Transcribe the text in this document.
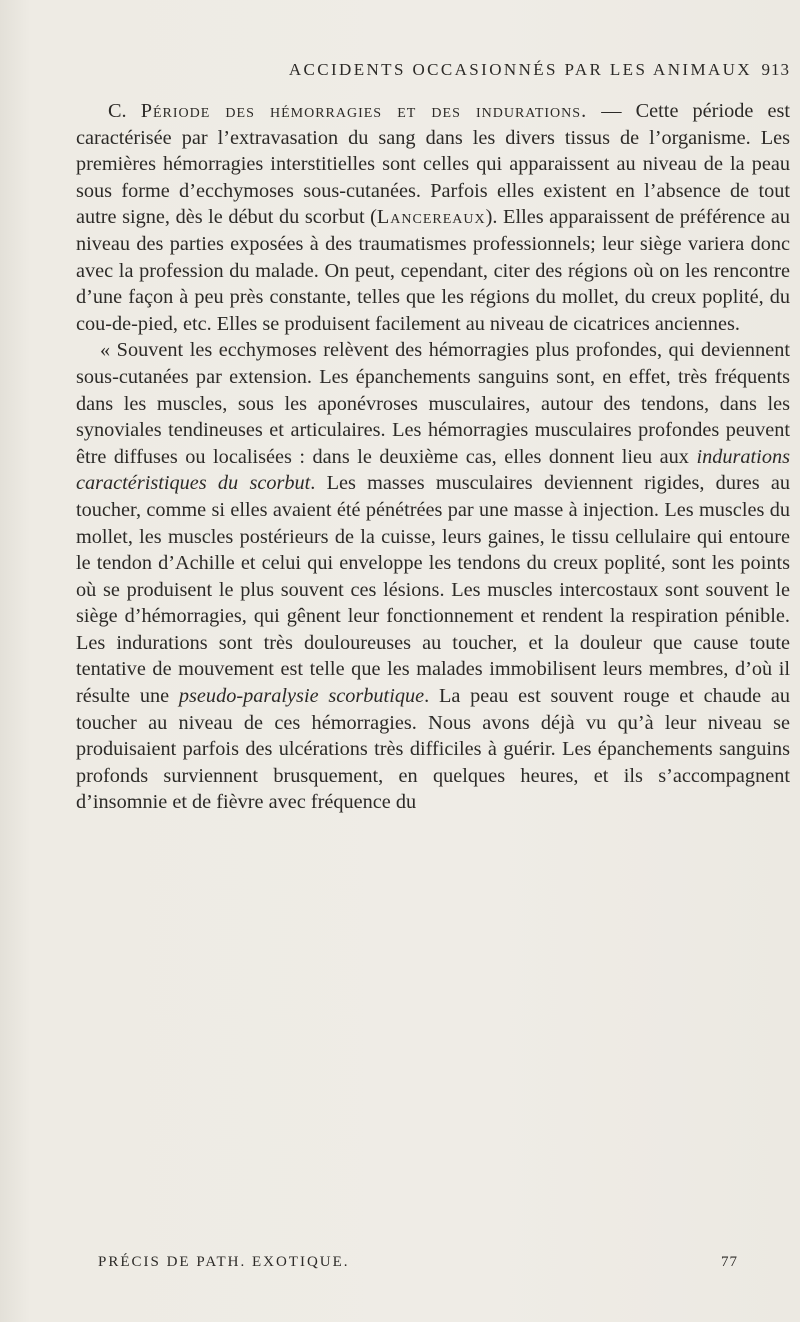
ACCIDENTS OCCASIONNÉS PAR LES ANIMAUX 913

C. Période des hémorragies et des indurations. — Cette période est caractérisée par l’extravasation du sang dans les divers tissus de l’organisme. Les premières hémorragies interstitielles sont celles qui apparaissent au niveau de la peau sous forme d’ecchymoses sous-cutanées. Parfois elles existent en l’absence de tout autre signe, dès le début du scorbut (Lancereaux). Elles apparaissent de préférence au niveau des parties exposées à des traumatismes professionnels; leur siège variera donc avec la profession du malade. On peut, cependant, citer des régions où on les rencontre d’une façon à peu près constante, telles que les régions du mollet, du creux poplité, du cou-de-pied, etc. Elles se produisent facilement au niveau de cicatrices anciennes.

« Souvent les ecchymoses relèvent des hémorragies plus profondes, qui deviennent sous-cutanées par extension. Les épanchements sanguins sont, en effet, très fréquents dans les muscles, sous les aponévroses musculaires, autour des tendons, dans les synoviales tendineuses et articulaires. Les hémorragies musculaires profondes peuvent être diffuses ou localisées : dans le deuxième cas, elles donnent lieu aux indurations caractéristiques du scorbut. Les masses musculaires deviennent rigides, dures au toucher, comme si elles avaient été pénétrées par une masse à injection. Les muscles du mollet, les muscles postérieurs de la cuisse, leurs gaines, le tissu cellulaire qui entoure le tendon d’Achille et celui qui enveloppe les tendons du creux poplité, sont les points où se produisent le plus souvent ces lésions. Les muscles intercostaux sont souvent le siège d’hémorragies, qui gênent leur fonctionnement et rendent la respiration pénible. Les indurations sont très douloureuses au toucher, et la douleur que cause toute tentative de mouvement est telle que les malades immobilisent leurs membres, d’où il résulte une pseudo-paralysie scorbutique. La peau est souvent rouge et chaude au toucher au niveau de ces hémorragies. Nous avons déjà vu qu’à leur niveau se produisaient parfois des ulcérations très difficiles à guérir. Les épanchements sanguins profonds surviennent brusquement, en quelques heures, et ils s’accompagnent d’insomnie et de fièvre avec fréquence du

PRÉCIS DE PATH. EXOTIQUE.	77
